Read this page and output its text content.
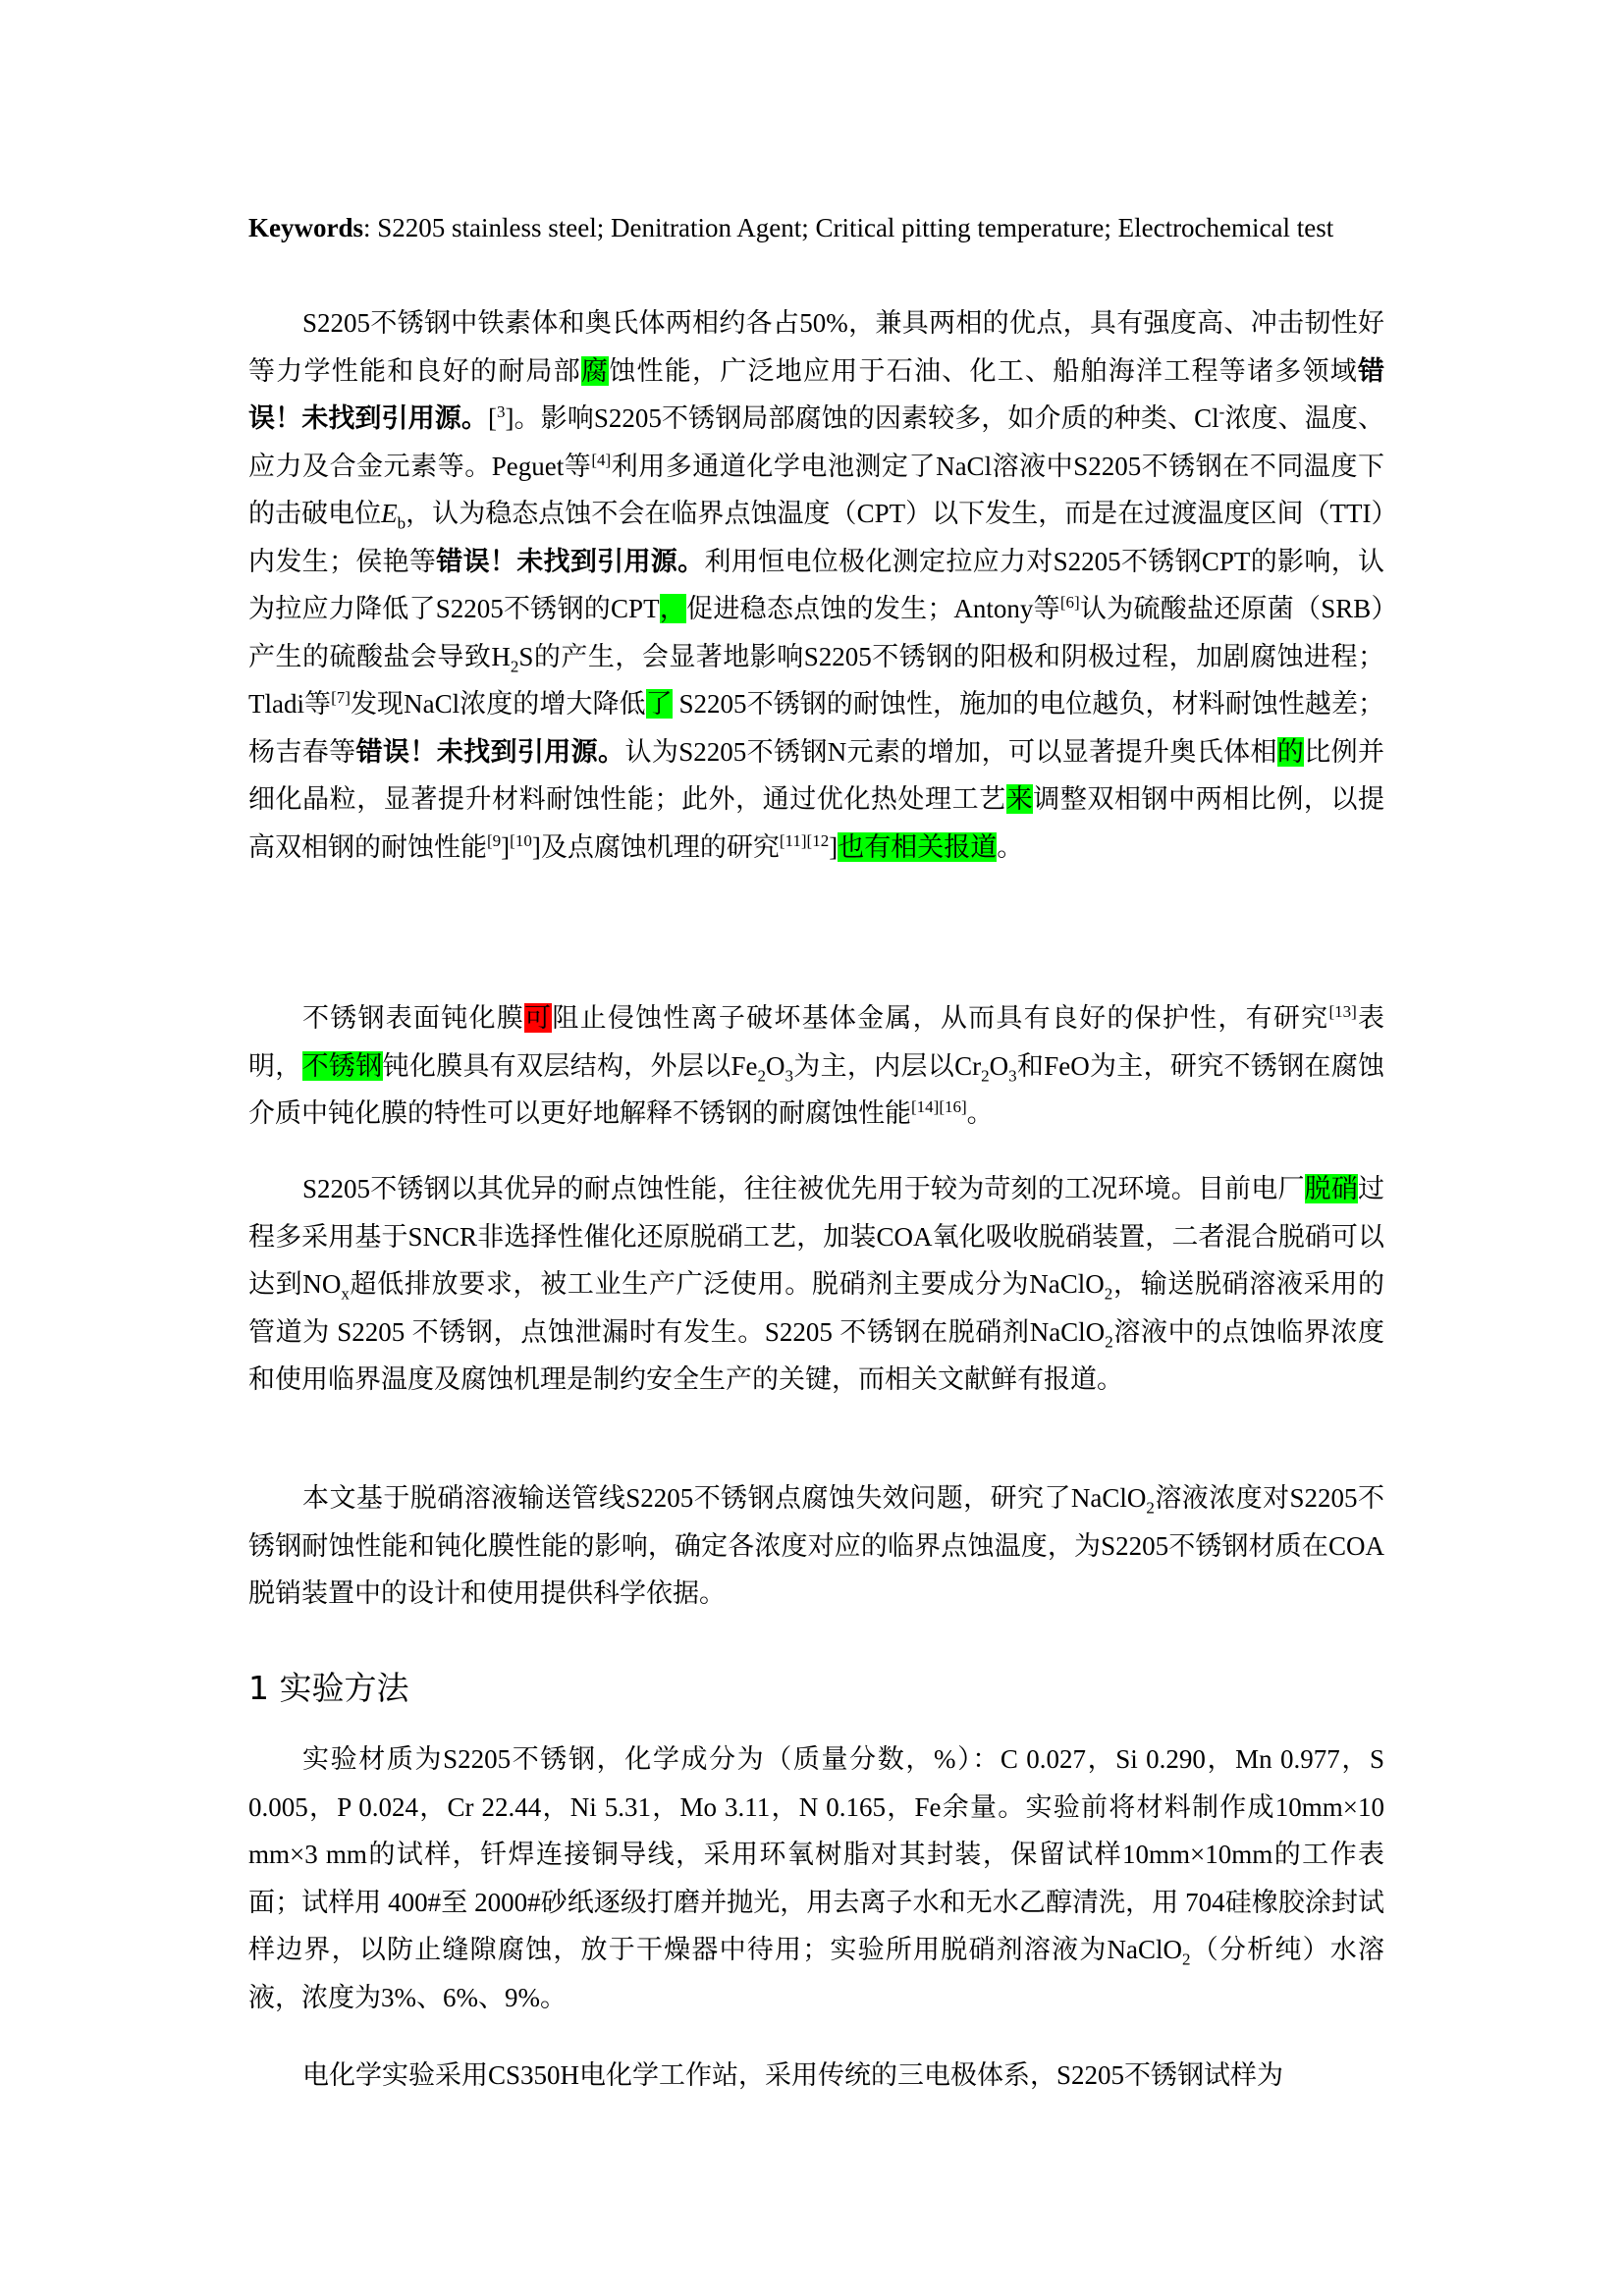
Keywords: S2205 stainless steel; Denitration Agent; Critical pitting temperature; Electrochemical test
S2205不锈钢中铁素体和奥氏体两相约各占50%，兼具两相的优点，具有强度高、冲击韧性好等力学性能和良好的耐局部腐蚀性能，广泛地应用于石油、化工、船舶海洋工程等诸多领域错误！未找到引用源。[$^3$]。影响S2205不锈钢局部腐蚀的因素较多，如介质的种类、Cl-浓度、温度、应力及合金元素等。Peguet等[4]利用多通道化学电池测定了NaCl溶液中S2205不锈钢在不同温度下的击破电位$E_b$，认为稳态点蚀不会在临界点蚀温度（CPT）以下发生，而是在过渡温度区间（TTI）内发生；侯艳等错误！未找到引用源。利用恒电位极化测定拉应力对S2205不锈钢CPT的影响，认为拉应力降低了S2205不锈钢的CPT，促进稳态点蚀的发生；Antony等[6]认为硫酸盐还原菌（SRB）产生的硫酸盐会导致$H_2S$的产生，会显著地影响S2205不锈钢的阳极和阴极过程，加剧腐蚀进程； Tladi等[7]发现NaCl浓度的增大降低了 S2205不锈钢的耐蚀性，施加的电位越负，材料耐蚀性越差；杨吉春等错误！未找到引用源。认为S2205不锈钢N元素的增加，可以显著提升奥氏体相的比例并细化晶粒，显著提升材料耐蚀性能；此外，通过优化热处理工艺来调整双相钢中两相比例，以提高双相钢的耐蚀性能$^{[9}$]$^{[10}$]及点腐蚀机理的研究$^{[11][12}$]也有相关报道。
不锈钢表面钝化膜可阻止侵蚀性离子破坏基体金属，从而具有良好的保护性，有研究[13]表明，不锈钢钝化膜具有双层结构，外层以$Fe_2O_3$为主，内层以$Cr_2O_3$和FeO为主，研究不锈钢在腐蚀介质中钝化膜的特性可以更好地解释不锈钢的耐腐蚀性能[14][16]。
S2205不锈钢以其优异的耐点蚀性能，往往被优先用于较为苛刻的工况环境。目前电厂脱硝过程多采用基于SNCR非选择性催化还原脱硝工艺，加装COA氧化吸收脱硝装置，二者混合脱硝可以达到$NO_x$超低排放要求，被工业生产广泛使用。脱硝剂主要成分为NaClO$_2$，输送脱硝溶液采用的管道为 S2205 不锈钢，点蚀泄漏时有发生。S2205 不锈钢在脱硝剂NaClO$_2$溶液中的点蚀临界浓度和使用临界温度及腐蚀机理是制约安全生产的关键，而相关文献鲜有报道。
本文基于脱硝溶液输送管线S2205不锈钢点腐蚀失效问题，研究了NaClO$_2$溶液浓度对S2205不锈钢耐蚀性能和钝化膜性能的影响，确定各浓度对应的临界点蚀温度，为S2205不锈钢材质在COA脱销装置中的设计和使用提供科学依据。
1 实验方法
实验材质为S2205不锈钢，化学成分为（质量分数，%）：C 0.027，Si 0.290，Mn 0.977，S 0.005，P 0.024，Cr 22.44，Ni 5.31，Mo 3.11，N 0.165，Fe余量。实验前将材料制作成10mm×10 mm×3 mm的试样，钎焊连接铜导线，采用环氧树脂对其封装，保留试样10mm×10mm的工作表面；试样用 400#至 2000#砂纸逐级打磨并抛光，用去离子水和无水乙醇清洗，用 704硅橡胶涂封试样边界，以防止缝隙腐蚀，放于干燥器中待用；实验所用脱硝剂溶液为NaClO$_2$（分析纯）水溶液，浓度为3%、6%、9%。
电化学实验采用CS350H电化学工作站，采用传统的三电极体系，S2205不锈钢试样为
